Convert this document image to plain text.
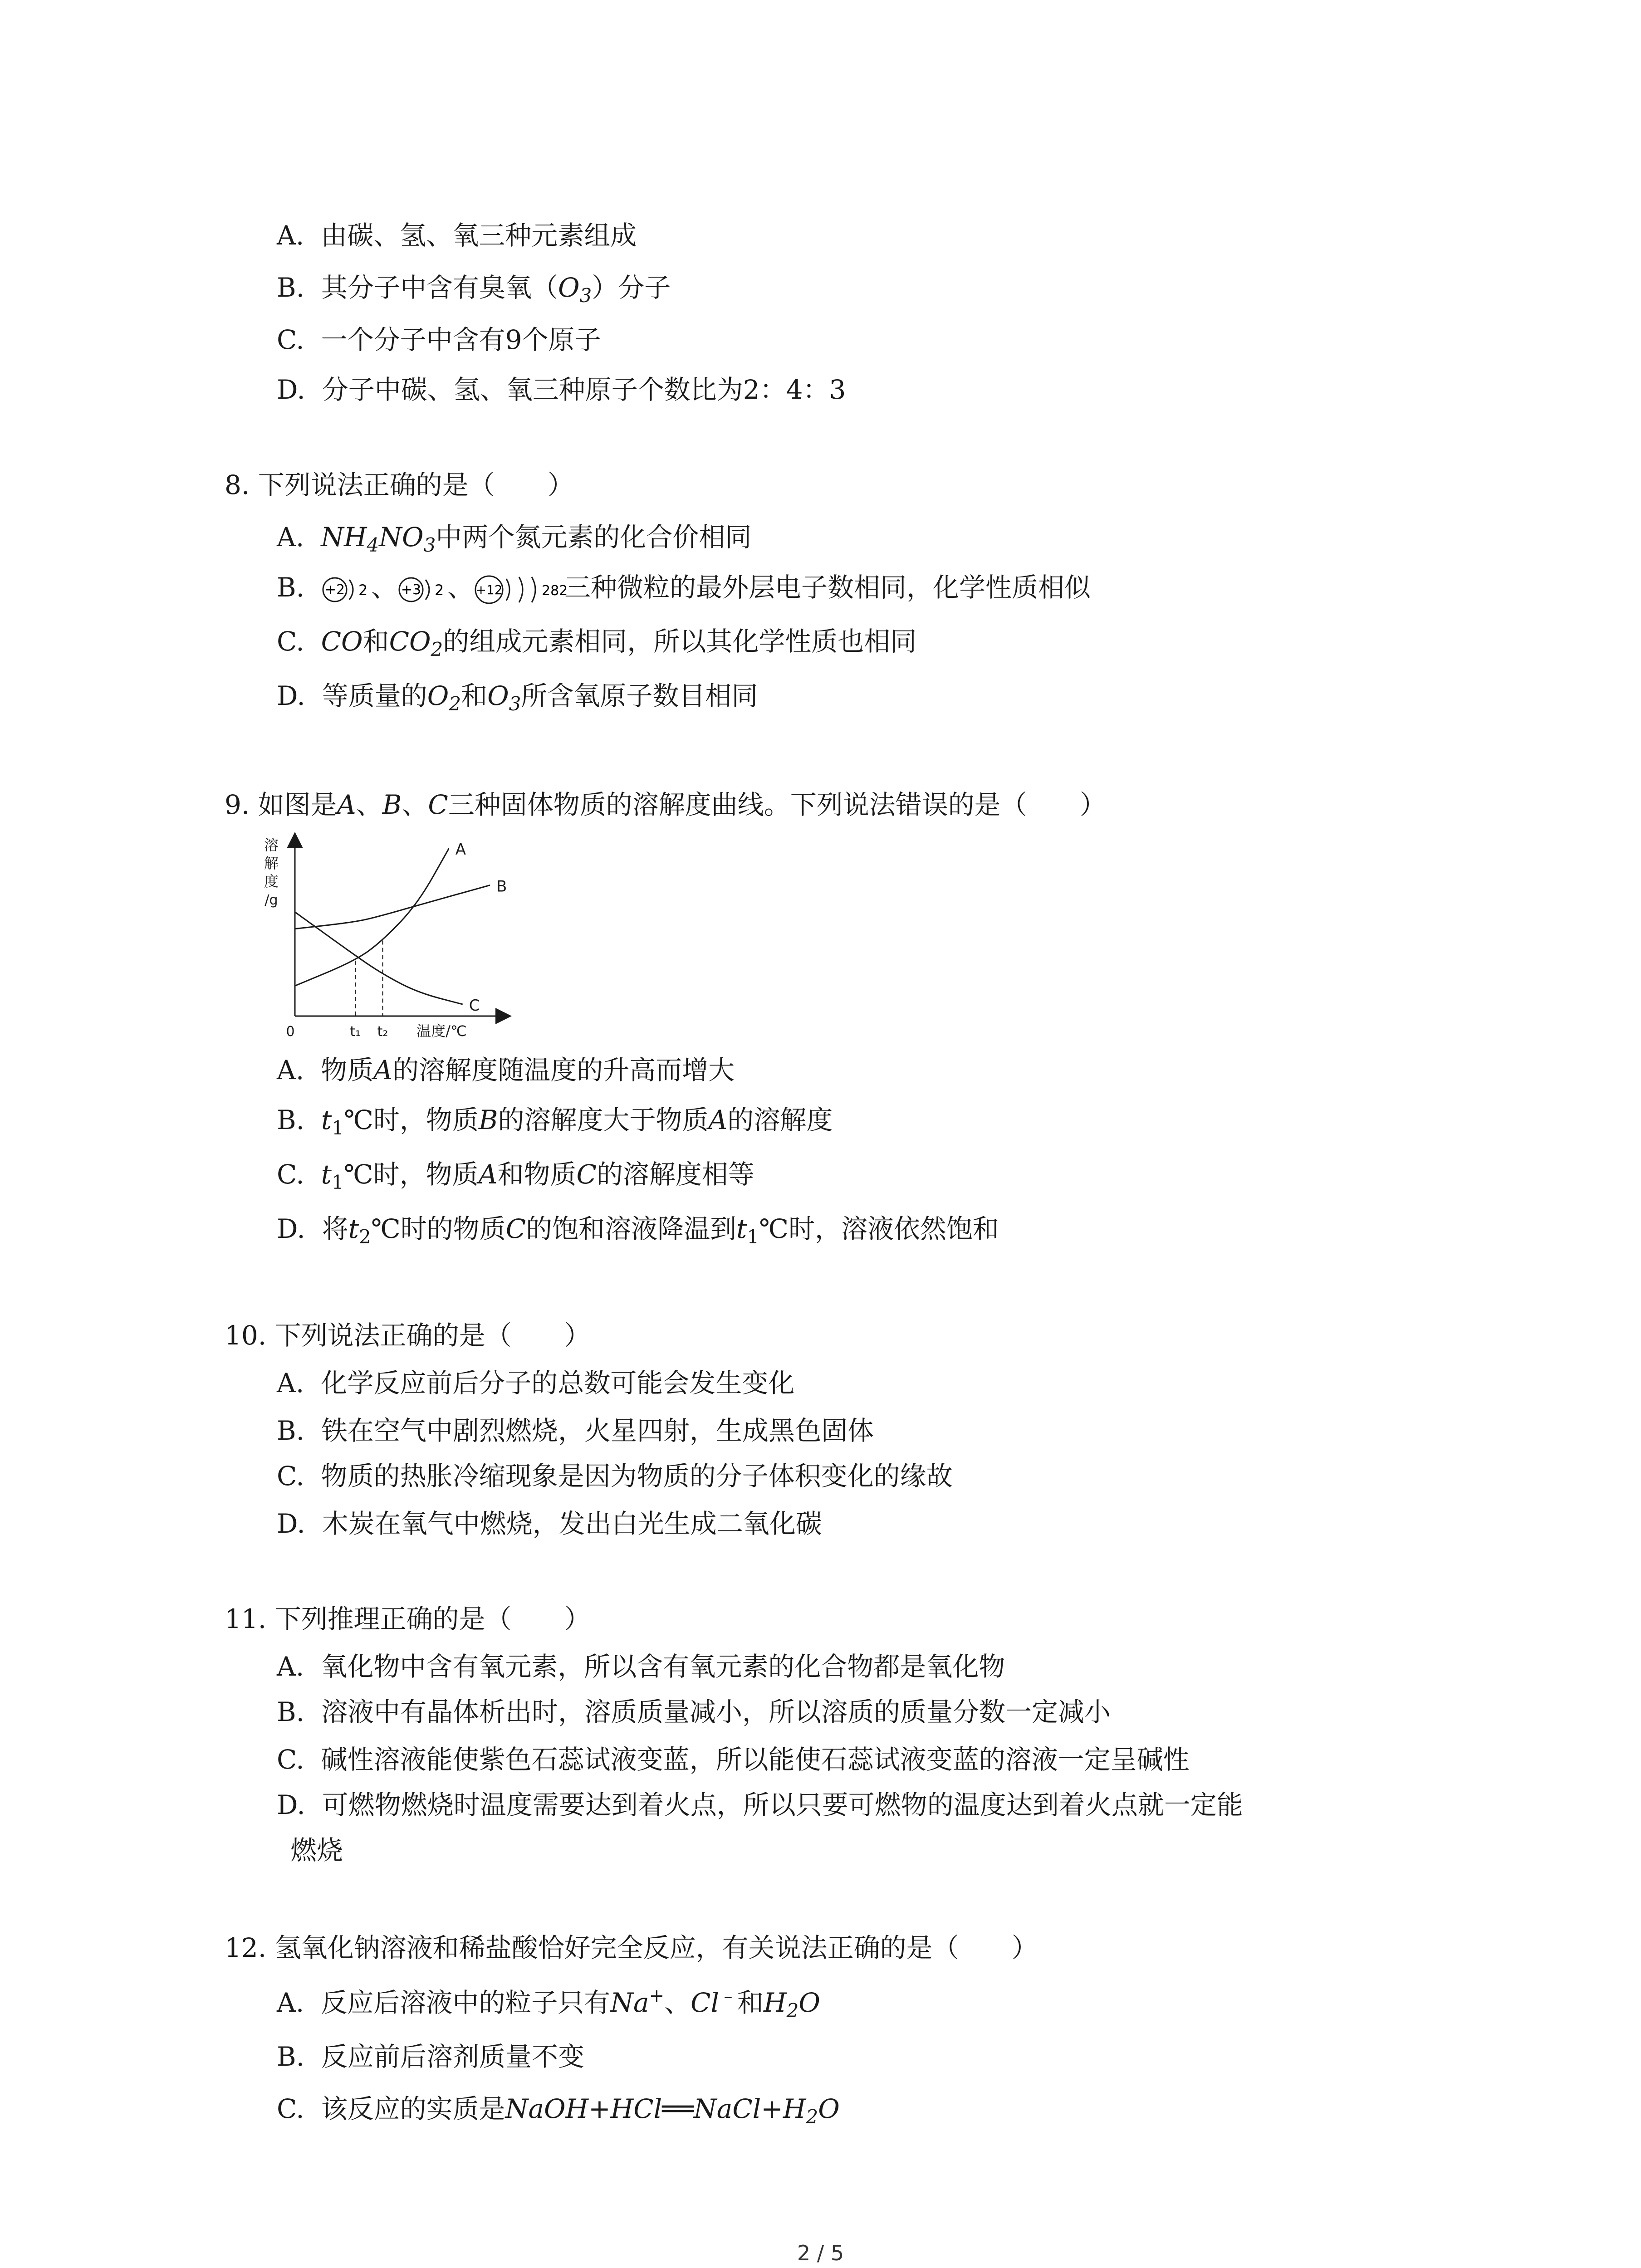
A. 由碳、氢、氧三种元素组成
B. 其分子中含有臭氧$(O_3)$分子
C. 一个分子中含有9个原子
D. 分子中碳、氢、氧三种原子个数比为2：4：3
8. 下列说法正确的是（　　）
A. $NH_4NO_3$中两个氮元素的化合价相同
B. +2 2 、 +3 2 、 +12	282
三种微粒的最外层电子数相同，化学性质相似
C. CO和$CO_2$的组成元素相同，所以其化学性质也相同
D. 等质量的$O_2$和$O_3$所含氧原子数目相同
9. 如图是A、B、C三种固体物质的溶解度曲线。下列说法错误的是（　　）
A
B
C
溶
解
度
/g
0	t₁ t₂ 温度/℃
A. 物质A的溶解度随温度的升高而增大
B. $t_1℃$时，物质B的溶解度大于物质A的溶解度
C. $t_1℃$时，物质A和物质C的溶解度相等
D. 将$t_2℃$时的物质C的饱和溶液降温到$t_1℃$时，溶液依然饱和
10. 下列说法正确的是（　　）
A. 化学反应前后分子的总数可能会发生变化
B. 铁在空气中剧烈燃烧，火星四射，生成黑色固体
C. 物质的热胀冷缩现象是因为物质的分子体积变化的缘故
D. 木炭在氧气中燃烧，发出白光生成二氧化碳
11. 下列推理正确的是（　　）
A. 氧化物中含有氧元素，所以含有氧元素的化合物都是氧化物
B. 溶液中有晶体析出时，溶质质量减小，所以溶质的质量分数一定减小
C. 碱性溶液能使紫色石蕊试液变蓝，所以能使石蕊试液变蓝的溶液一定呈碱性
D. 可燃物燃烧时温度需要达到着火点，所以只要可燃物的温度达到着火点就一定能
燃烧
12. 氢氧化钠溶液和稀盐酸恰好完全反应，有关说法正确的是（　　）
A. 反应后溶液中的粒子只有Na+、Cl﹣和$H_2O$
B. 反应前后溶剂质量不变
C. 该反应的实质是$NaOH+HCl══NaCl+H_2O$
2 / 5
